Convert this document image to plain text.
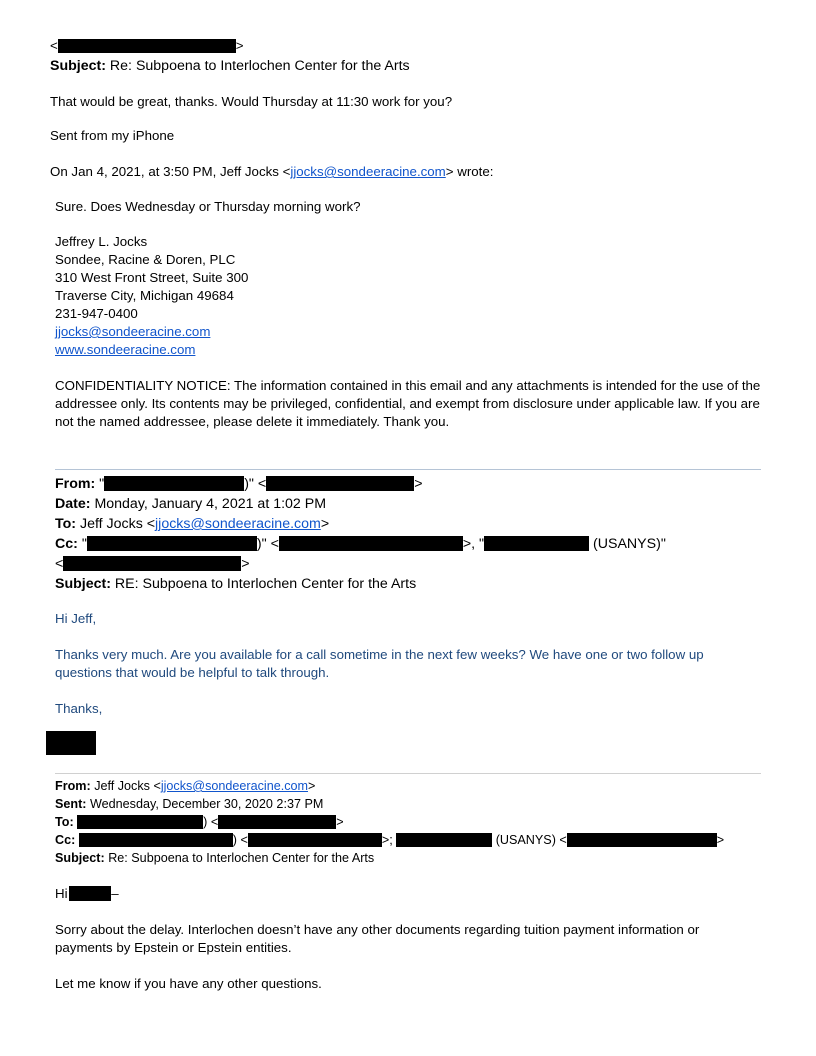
<	>
Subject: Re: Subpoena to Interlochen Center for the Arts
That would be great, thanks. Would Thursday at 11:30 work for you?
Sent from my iPhone
On Jan 4, 2021, at 3:50 PM, Jeff Jocks <jjocks@sondeeracine.com> wrote:
Sure. Does Wednesday or Thursday morning work?
Jeffrey L. Jocks
Sondee, Racine & Doren, PLC
310 West Front Street, Suite 300
Traverse City, Michigan 49684
231-947-0400
jjocks@sondeeracine.com
www.sondeeracine.com
CONFIDENTIALITY NOTICE: The information contained in this email and any attachments is intended for the use of the addressee only. Its contents may be privileged, confidential, and exempt from disclosure under applicable law. If you are not the named addressee, please delete it immediately. Thank you.
From: "	)" <	>
Date: Monday, January 4, 2021 at 1:02 PM
To: Jeff Jocks <jjocks@sondeeracine.com>
Cc: "	)" <	>, "	(USANYS)"
<	>
Subject: RE: Subpoena to Interlochen Center for the Arts
Hi Jeff,
Thanks very much. Are you available for a call sometime in the next few weeks? We have one or two follow up questions that would be helpful to talk through.
Thanks,
From: Jeff Jocks <jjocks@sondeeracine.com>
Sent: Wednesday, December 30, 2020 2:37 PM
To:	) <	>
Cc:	) <	>;	(USANYS) <	>
Subject: Re: Subpoena to Interlochen Center for the Arts
Hi	–
Sorry about the delay. Interlochen doesn’t have any other documents regarding tuition payment information or payments by Epstein or Epstein entities.
Let me know if you have any other questions.
